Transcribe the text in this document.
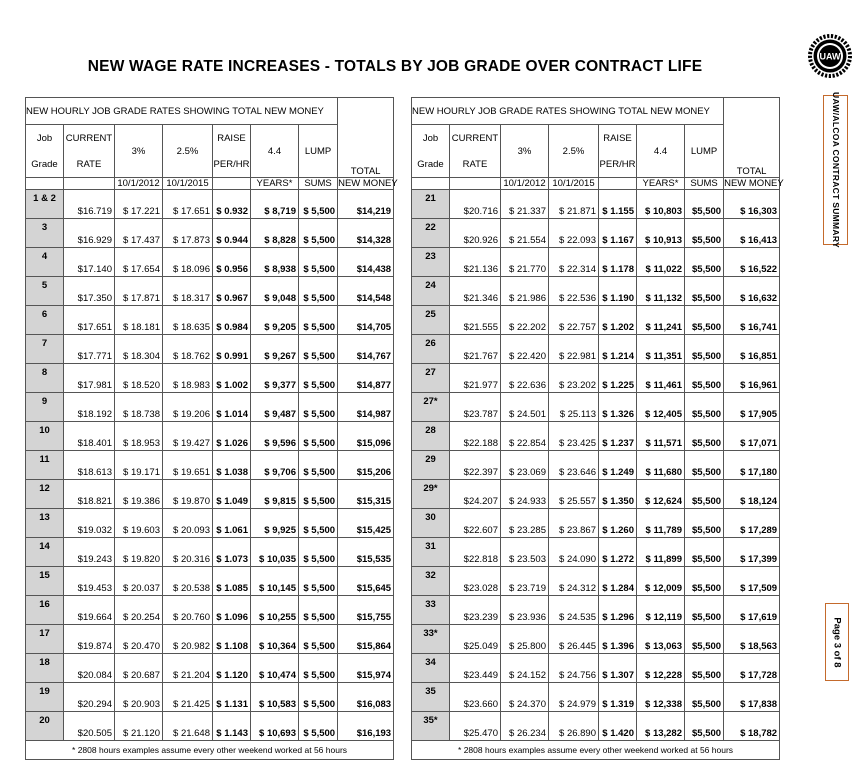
NEW WAGE RATE INCREASES - TOTALS BY JOB GRADE OVER CONTRACT LIFE
UAW
UAW/ALCOA CONTRACT SUMMARY
Page 3 of 8
NEW HOURLY JOB GRADE RATES SHOWING TOTAL NEW MONEY							TOTAL
Job	CURRENT	3%	2.5%	RAISE	4.4	LUMP	
Grade	RATE			PER/HR			
		10/1/2012	10/1/2015		YEARS*	SUMS	NEW MONEY
1 & 2	$16.719	$ 17.221	$ 17.651	$ 0.932	$ 8,719	$ 5,500	$14,219
3	$16.929	$ 17.437	$ 17.873	$ 0.944	$ 8,828	$ 5,500	$14,328
4	$17.140	$ 17.654	$ 18.096	$ 0.956	$ 8,938	$ 5,500	$14,438
5	$17.350	$ 17.871	$ 18.317	$ 0.967	$ 9,048	$ 5,500	$14,548
6	$17.651	$ 18.181	$ 18.635	$ 0.984	$ 9,205	$ 5,500	$14,705
7	$17.771	$ 18.304	$ 18.762	$ 0.991	$ 9,267	$ 5,500	$14,767
8	$17.981	$ 18.520	$ 18.983	$ 1.002	$ 9,377	$ 5,500	$14,877
9	$18.192	$ 18.738	$ 19.206	$ 1.014	$ 9,487	$ 5,500	$14,987
10	$18.401	$ 18.953	$ 19.427	$ 1.026	$ 9,596	$ 5,500	$15,096
11	$18.613	$ 19.171	$ 19.651	$ 1.038	$ 9,706	$ 5,500	$15,206
12	$18.821	$ 19.386	$ 19.870	$ 1.049	$ 9,815	$ 5,500	$15,315
13	$19.032	$ 19.603	$ 20.093	$ 1.061	$ 9,925	$ 5,500	$15,425
14	$19.243	$ 19.820	$ 20.316	$ 1.073	$ 10,035	$ 5,500	$15,535
15	$19.453	$ 20.037	$ 20.538	$ 1.085	$ 10,145	$ 5,500	$15,645
16	$19.664	$ 20.254	$ 20.760	$ 1.096	$ 10,255	$ 5,500	$15,755
17	$19.874	$ 20.470	$ 20.982	$ 1.108	$ 10,364	$ 5,500	$15,864
18	$20.084	$ 20.687	$ 21.204	$ 1.120	$ 10,474	$ 5,500	$15,974
19	$20.294	$ 20.903	$ 21.425	$ 1.131	$ 10,583	$ 5,500	$16,083
20	$20.505	$ 21.120	$ 21.648	$ 1.143	$ 10,693	$ 5,500	$16,193
* 2808 hours examples assume every other weekend worked at 56 hours							
NEW HOURLY JOB GRADE RATES SHOWING TOTAL NEW MONEY							TOTAL
Job	CURRENT	3%	2.5%	RAISE	4.4	LUMP	
Grade	RATE			PER/HR			
		10/1/2012	10/1/2015		YEARS*	SUMS	NEW MONEY
21	$20.716	$ 21.337	$ 21.871	$ 1.155	$ 10,803	$5,500	$ 16,303
22	$20.926	$ 21.554	$ 22.093	$ 1.167	$ 10,913	$5,500	$ 16,413
23	$21.136	$ 21.770	$ 22.314	$ 1.178	$ 11,022	$5,500	$ 16,522
24	$21.346	$ 21.986	$ 22.536	$ 1.190	$ 11,132	$5,500	$ 16,632
25	$21.555	$ 22.202	$ 22.757	$ 1.202	$ 11,241	$5,500	$ 16,741
26	$21.767	$ 22.420	$ 22.981	$ 1.214	$ 11,351	$5,500	$ 16,851
27	$21.977	$ 22.636	$ 23.202	$ 1.225	$ 11,461	$5,500	$ 16,961
27*	$23.787	$ 24.501	$ 25.113	$ 1.326	$ 12,405	$5,500	$ 17,905
28	$22.188	$ 22.854	$ 23.425	$ 1.237	$ 11,571	$5,500	$ 17,071
29	$22.397	$ 23.069	$ 23.646	$ 1.249	$ 11,680	$5,500	$ 17,180
29*	$24.207	$ 24.933	$ 25.557	$ 1.350	$ 12,624	$5,500	$ 18,124
30	$22.607	$ 23.285	$ 23.867	$ 1.260	$ 11,789	$5,500	$ 17,289
31	$22.818	$ 23.503	$ 24.090	$ 1.272	$ 11,899	$5,500	$ 17,399
32	$23.028	$ 23.719	$ 24.312	$ 1.284	$ 12,009	$5,500	$ 17,509
33	$23.239	$ 23.936	$ 24.535	$ 1.296	$ 12,119	$5,500	$ 17,619
33*	$25.049	$ 25.800	$ 26.445	$ 1.396	$ 13,063	$5,500	$ 18,563
34	$23.449	$ 24.152	$ 24.756	$ 1.307	$ 12,228	$5,500	$ 17,728
35	$23.660	$ 24.370	$ 24.979	$ 1.319	$ 12,338	$5,500	$ 17,838
35*	$25.470	$ 26.234	$ 26.890	$ 1.420	$ 13,282	$5,500	$ 18,782
* 2808 hours examples assume every other weekend worked at 56 hours							
